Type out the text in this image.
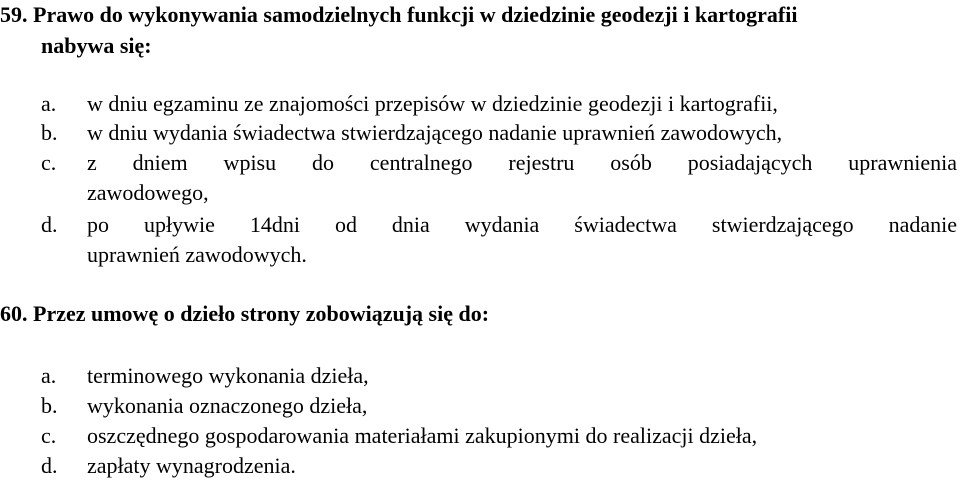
59. Prawo do wykonywania samodzielnych funkcji w dziedzinie geodezji i kartografii
nabywa się:
a.	w dniu egzaminu ze znajomości przepisów w dziedzinie geodezji i kartografii,
b.	w dniu wydania świadectwa stwierdzającego nadanie uprawnień zawodowych,
c.	z dniem wpisu do centralnego rejestru osób posiadających uprawnienia
zawodowego,
d.	po upływie 14dni od dnia wydania świadectwa stwierdzającego nadanie
uprawnień zawodowych.
60. Przez umowę o dzieło strony zobowiązują się do:
a.	terminowego wykonania dzieła,
b.	wykonania oznaczonego dzieła,
c.	oszczędnego gospodarowania materiałami zakupionymi do realizacji dzieła,
d.	zapłaty wynagrodzenia.
